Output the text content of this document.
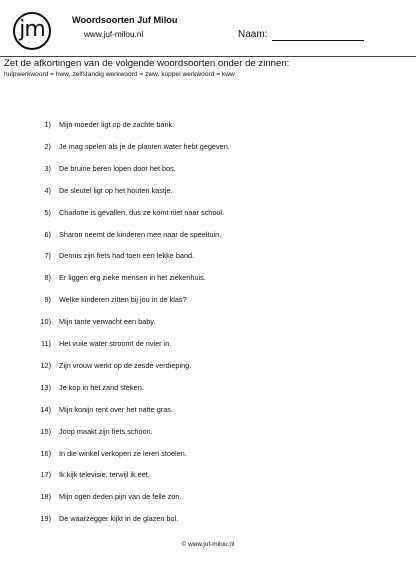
jm	Woordsoorten Juf Milou
www.juf-milou.nl	Naam:
Zet de afkortingen van de volgende woordsoorten onder de zinnen:
hulpwerkwoord = hww, zelfstandig werkwoord = zww, koppel werkwoord = kww
1) Mijn moeder ligt op de zachte bank.
2) Je mag spelen als je de planten water hebt gegeven.
3) De bruine beren lopen door het bos.
4) De sleutel ligt op het houten kastje.
5) Charlotte is gevallen, dus ze komt niet naar school.
6) Sharon neemt de kinderen mee naar de speeltuin.
7) Dennis zijn fiets had toen een lekke band.
8) Er liggen erg zieke mensen in het ziekenhuis.
9) Welke kinderen zitten bij jou in de klas?
10) Mijn tante verwacht een baby.
11) Het vuile water stroomt de rivier in.
12) Zijn vrouw werkt op de zesde verdieping.
13) Je kop in het zand steken.
14) Mijn konijn rent over het natte gras.
15) Joop maakt zijn fiets schoon.
16) In die winkel verkopen ze leren stoelen.
17) Ik kijk televisie, terwijl ik eet.
18) Mijn ogen deden pijn van de felle zon.
19) De waarzegger kijkt in de glazen bol.
© www.juf-milou.nl
